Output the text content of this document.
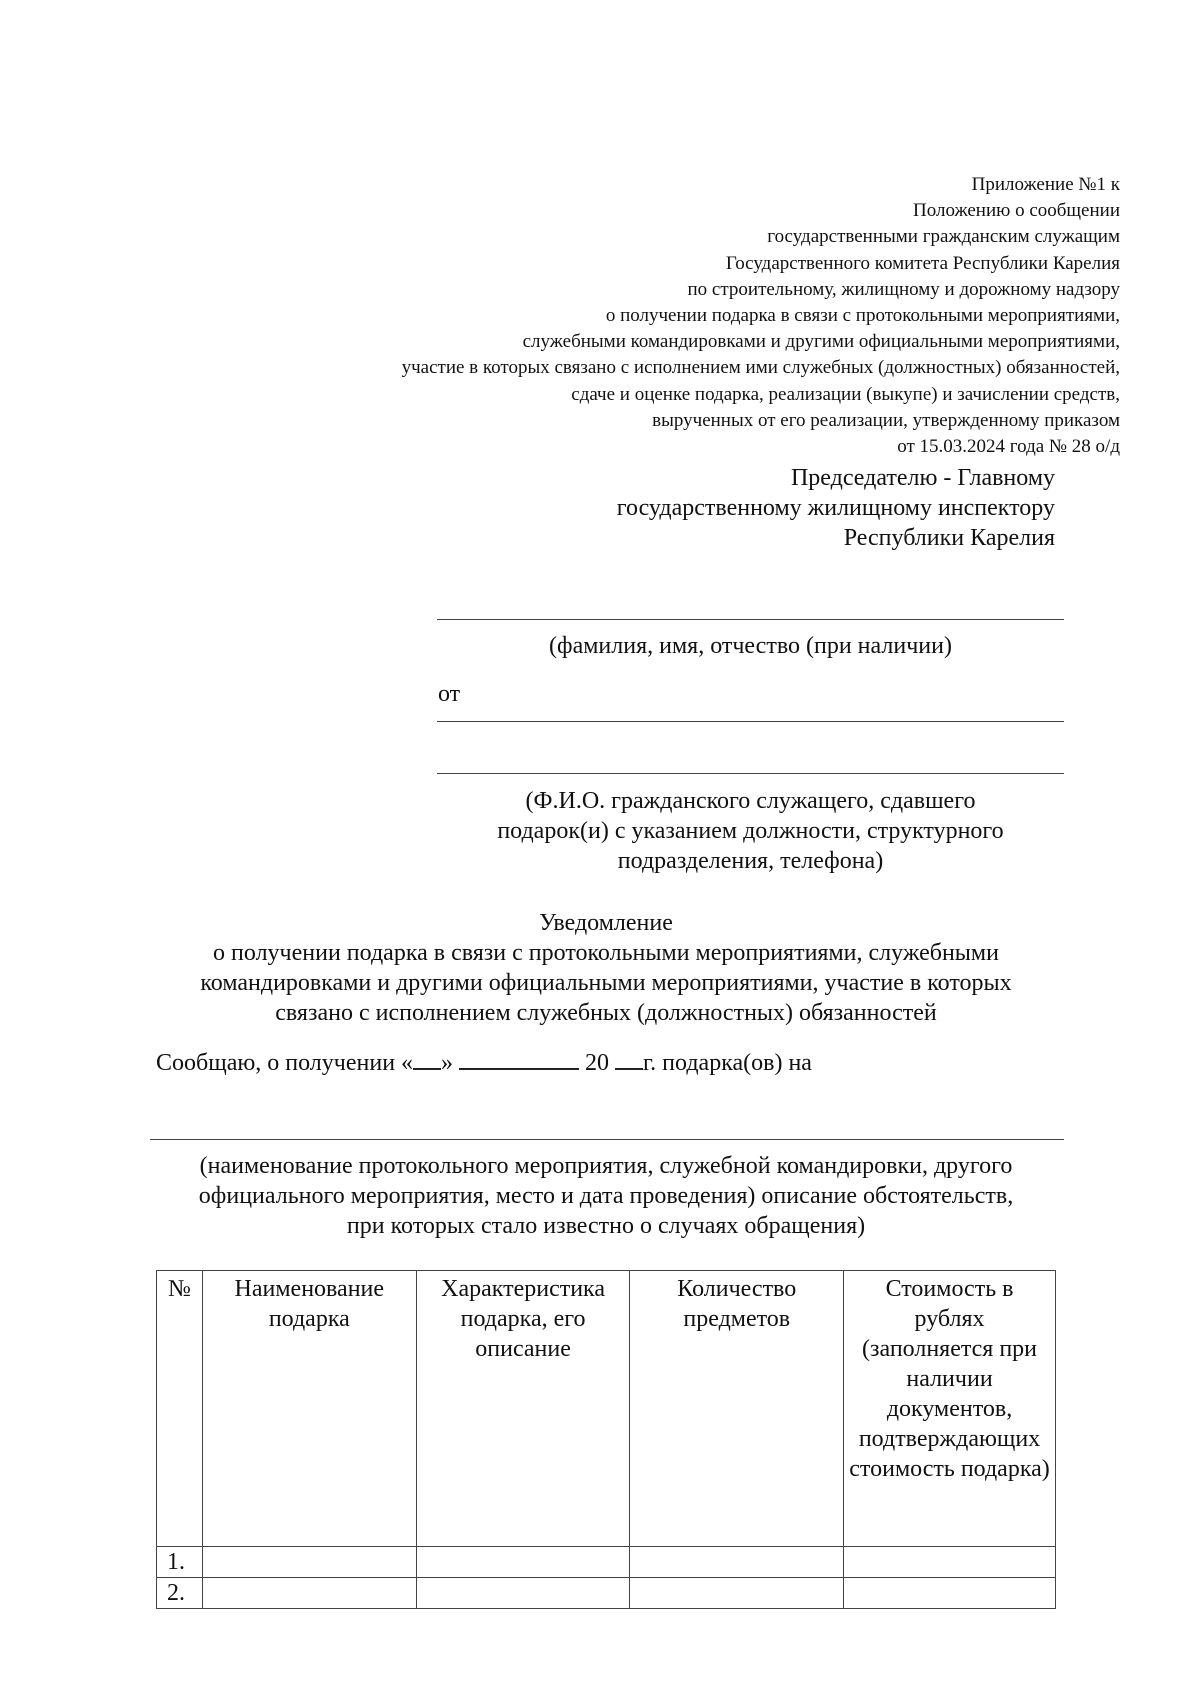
Приложение №1 к
Положению о сообщении
государственными гражданским служащим
Государственного комитета Республики Карелия
по строительному, жилищному и дорожному надзору
о получении подарка в связи с протокольными мероприятиями,
служебными командировками и другими официальными мероприятиями,
участие в которых связано с исполнением ими служебных (должностных) обязанностей,
сдаче и оценке подарка, реализации (выкупе) и зачислении средств,
вырученных от его реализации, утвержденному приказом
от 15.03.2024 года № 28 о/д
Председателю - Главному
государственному жилищному инспектору
Республики Карелия
(фамилия, имя, отчество (при наличии)
от
(Ф.И.О. гражданского служащего, сдавшего
подарок(и) с указанием должности, структурного
подразделения, телефона)
Уведомление
о получении подарка в связи с протокольными мероприятиями, служебными
командировками и другими официальными мероприятиями, участие в которых
связано с исполнением служебных (должностных) обязанностей
Сообщаю, о получении « »	20 г. подарка(ов) на
(наименование протокольного мероприятия, служебной командировки, другого
официального мероприятия, место и дата проведения) описание обстоятельств,
при которых стало известно о случаях обращения)
№	Наименование подарка	Характеристика подарка, его описание	Количество предметов	Стоимость в рублях (заполняется при наличии документов, подтверждающих стоимость подарка)
1.				
2.				
